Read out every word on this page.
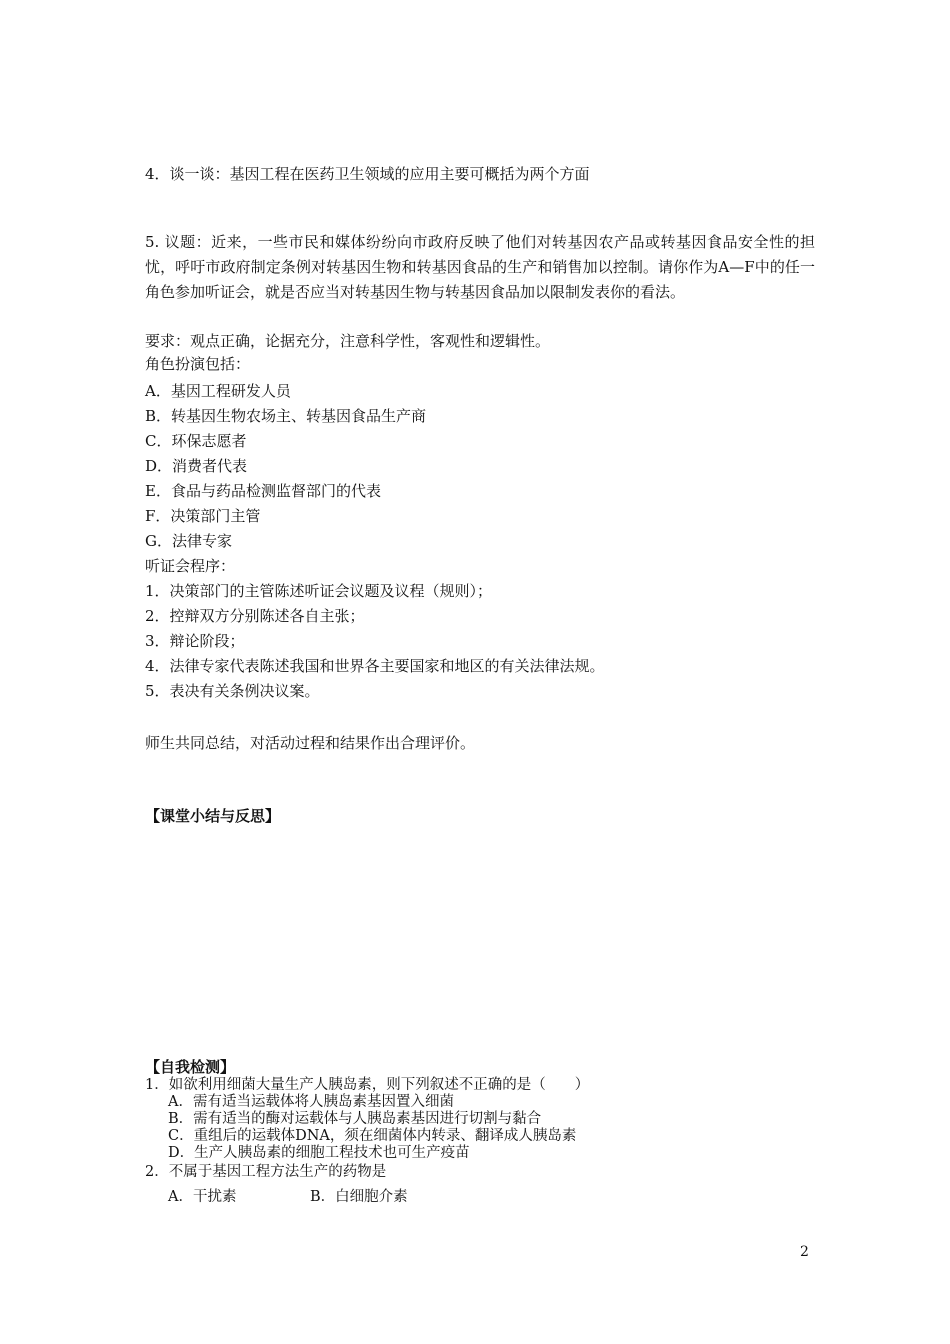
4．谈一谈：基因工程在医药卫生领域的应用主要可概括为两个方面
5. 议题：近来，一些市民和媒体纷纷向市政府反映了他们对转基因农产品或转基因食品安全性的担忧，呼吁市政府制定条例对转基因生物和转基因食品的生产和销售加以控制。请你作为A—F中的任一角色参加听证会，就是否应当对转基因生物与转基因食品加以限制发表你的看法。
要求：观点正确，论据充分，注意科学性，客观性和逻辑性。
角色扮演包括：
A．基因工程研发人员
B．转基因生物农场主、转基因食品生产商
C．环保志愿者
D．消费者代表
E．食品与药品检测监督部门的代表
F．决策部门主管
G．法律专家
听证会程序：
1．决策部门的主管陈述听证会议题及议程（规则）；
2．控辩双方分别陈述各自主张；
3．辩论阶段；
4．法律专家代表陈述我国和世界各主要国家和地区的有关法律法规。
5．表决有关条例决议案。
师生共同总结，对活动过程和结果作出合理评价。
【课堂小结与反思】
【自我检测】
1．如欲利用细菌大量生产人胰岛素，则下列叙述不正确的是（　　）
A．需有适当运载体将人胰岛素基因置入细菌
B．需有适当的酶对运载体与人胰岛素基因进行切割与黏合
C．重组后的运载体DNA，须在细菌体内转录、翻译成人胰岛素
D．生产人胰岛素的细胞工程技术也可生产疫苗
2．不属于基因工程方法生产的药物是
A．干扰素	B．白细胞介素
2
